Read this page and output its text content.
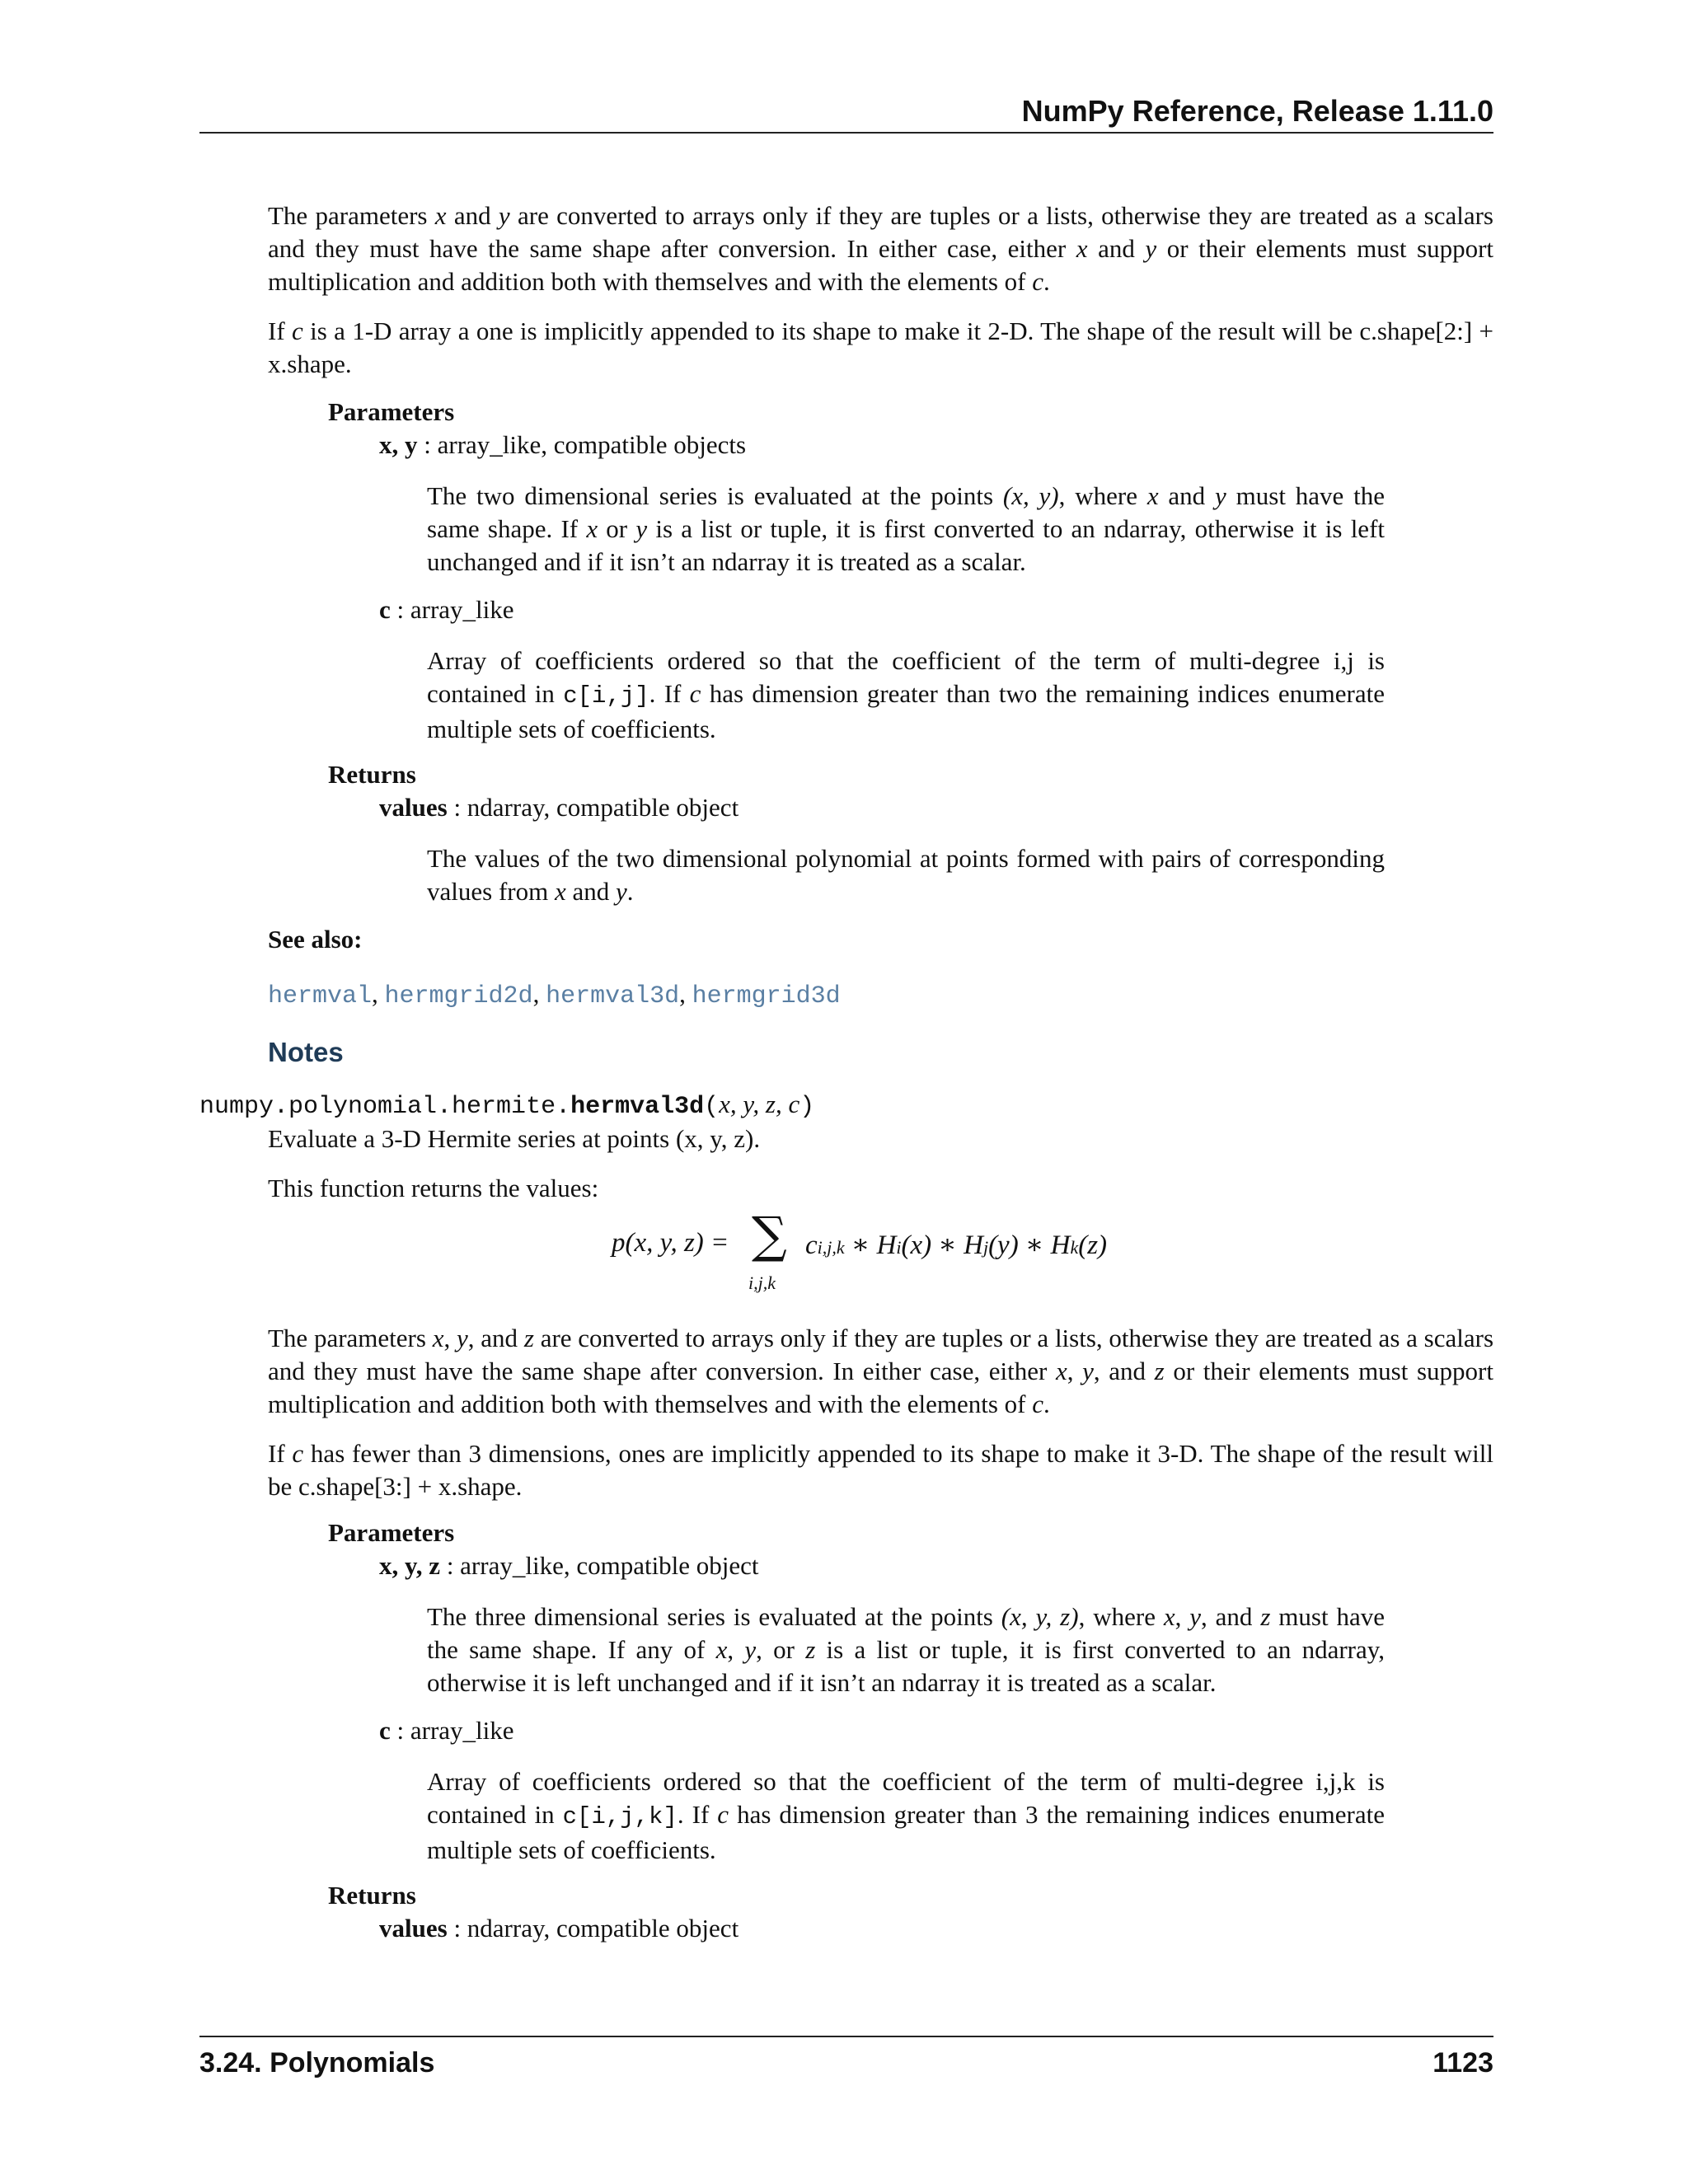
NumPy Reference, Release 1.11.0

The parameters x and y are converted to arrays only if they are tuples or a lists, otherwise they are treated as a scalars and they must have the same shape after conversion. In either case, either x and y or their elements must support multiplication and addition both with themselves and with the elements of c.

If c is a 1-D array a one is implicitly appended to its shape to make it 2-D. The shape of the result will be c.shape[2:] + x.shape.

Parameters
x, y : array_like, compatible objects

The two dimensional series is evaluated at the points (x, y), where x and y must have the same shape. If x or y is a list or tuple, it is first converted to an ndarray, otherwise it is left unchanged and if it isn’t an ndarray it is treated as a scalar.

c : array_like

Array of coefficients ordered so that the coefficient of the term of multi-degree i,j is contained in c[i,j]. If c has dimension greater than two the remaining indices enumerate multiple sets of coefficients.

Returns
values : ndarray, compatible object

The values of the two dimensional polynomial at points formed with pairs of corresponding values from x and y.

See also:
hermval, hermgrid2d, hermval3d, hermgrid3d
Notes
numpy.polynomial.hermite.hermval3d(x, y, z, c)
Evaluate a 3-D Hermite series at points (x, y, z).
This function returns the values:
p(x, y, z) = ∑
i,j,k
ci,j,k ∗ Hi(x) ∗ Hj(y) ∗ Hk(z)

The parameters x, y, and z are converted to arrays only if they are tuples or a lists, otherwise they are treated as a scalars and they must have the same shape after conversion. In either case, either x, y, and z or their elements must support multiplication and addition both with themselves and with the elements of c.

If c has fewer than 3 dimensions, ones are implicitly appended to its shape to make it 3-D. The shape of the result will be c.shape[3:] + x.shape.

Parameters
x, y, z : array_like, compatible object

The three dimensional series is evaluated at the points (x, y, z), where x, y, and z must have the same shape. If any of x, y, or z is a list or tuple, it is first converted to an ndarray, otherwise it is left unchanged and if it isn’t an ndarray it is treated as a scalar.

c : array_like

Array of coefficients ordered so that the coefficient of the term of multi-degree i,j,k is contained in c[i,j,k]. If c has dimension greater than 3 the remaining indices enumerate multiple sets of coefficients.

Returns
values : ndarray, compatible object
3.24. Polynomials	1123
